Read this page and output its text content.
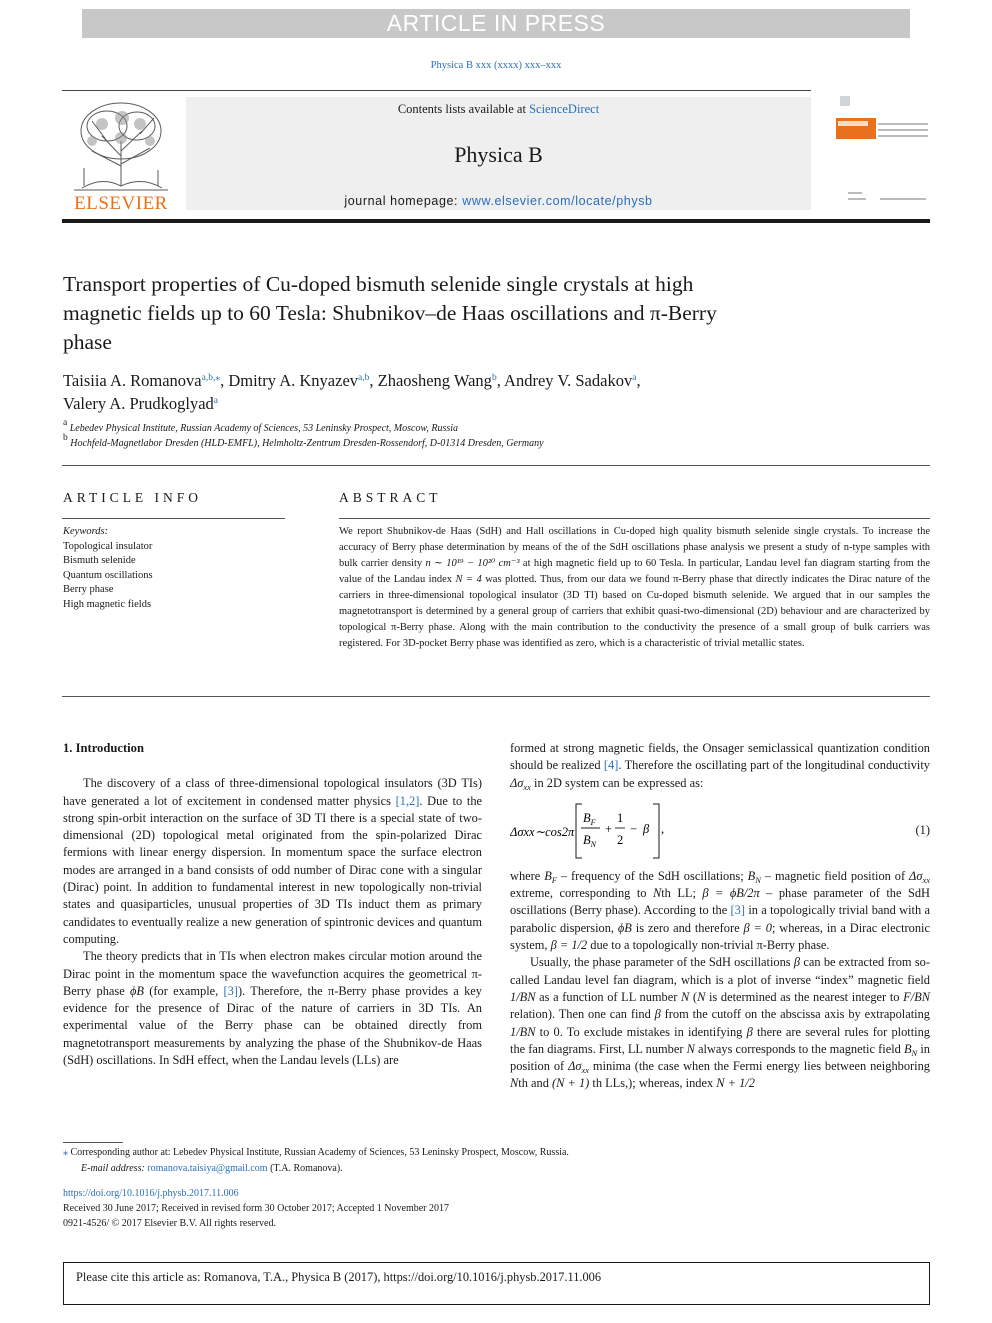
ARTICLE IN PRESS
Physica B xxx (xxxx) xxx–xxx
ELSEVIER
Contents lists available at ScienceDirect
Physica B
journal homepage: www.elsevier.com/locate/physb
Transport properties of Cu-doped bismuth selenide single crystals at high magnetic fields up to 60 Tesla: Shubnikov–de Haas oscillations and π-Berry phase
Taisiia A. Romanova$^{a,b,⁎}$, Dmitry A. Knyazev$^{a,b}$, Zhaosheng Wang$^b$, Andrey V. Sadakov$^a$,
Valery A. Prudkoglyad$^a$
$^a$ Lebedev Physical Institute, Russian Academy of Sciences, 53 Leninsky Prospect, Moscow, Russia
$^b$ Hochfeld-Magnetlabor Dresden (HLD-EMFL), Helmholtz-Zentrum Dresden-Rossendorf, D-01314 Dresden, Germany
ARTICLE INFO	ABSTRACT
Keywords:
Topological insulator
Bismuth selenide
Quantum oscillations
Berry phase
High magnetic fields
We report Shubnikov-de Haas (SdH) and Hall oscillations in Cu-doped high quality bismuth selenide single crystals. To increase the accuracy of Berry phase determination by means of the of the SdH oscillations phase analysis we present a study of n-type samples with bulk carrier density n ∼ 10¹⁹ − 10²⁰ cm⁻³ at high magnetic field up to 60 Tesla. In particular, Landau level fan diagram starting from the value of the Landau index N = 4 was plotted. Thus, from our data we found π-Berry phase that directly indicates the Dirac nature of the carriers in three-dimensional topological insulator (3D TI) based on Cu-doped bismuth selenide. We argued that in our samples the magnetotransport is determined by a general group of carriers that exhibit quasi-two-dimensional (2D) behaviour and are characterized by topological π-Berry phase. Along with the main contribution to the conductivity the presence of a small group of bulk carriers was registered. For 3D-pocket Berry phase was identified as zero, which is a characteristic of trivial metallic states.

1. Introduction

The discovery of a class of three-dimensional topological insulators (3D TIs) have generated a lot of excitement in condensed matter physics [1,2]. Due to the strong spin-orbit interaction on the surface of 3D TI there is a special state of two-dimensional (2D) topological metal originated from the spin-polarized Dirac fermions with linear energy dispersion. In momentum space the surface electron modes are arranged in a band consists of odd number of Dirac cone with a singular (Dirac) point. In addition to fundamental interest in new topologically non-trivial states and quasiparticles, unusual properties of 3D TIs induct them as primary candidates to eventually realize a new generation of spintronic devices and quantum computing.

The theory predicts that in TIs when electron makes circular motion around the Dirac point in the momentum space the wavefunction acquires the geometrical π-Berry phase ϕB (for example, [3]). Therefore, the π-Berry phase provides a key evidence for the presence of Dirac of the nature of carriers in 3D TIs. An experimental value of the Berry phase can be obtained directly from magnetotransport measurements by analyzing the phase of the Shubnikov-de Haas (SdH) oscillations. In SdH effect, when the Landau levels (LLs) are

formed at strong magnetic fields, the Onsager semiclassical quantization condition should be realized [4]. Therefore the oscillating part of the longitudinal conductivity $\Delta\sigma_{xx}$ in 2D system can be expressed as:

Δσxx∼cos2π
$B_F$
$B_N$
+
1
2
− β ,	(1)

where $B_F$ – frequency of the SdH oscillations; $B_N$ – magnetic field position of $\Delta\sigma_{xx}$ extreme, corresponding to Nth LL; β = ϕB/2π – phase parameter of the SdH oscillations (Berry phase). According to the [3] in a topologically trivial band with a parabolic dispersion, ϕB is zero and therefore β = 0; whereas, in a Dirac electronic system, β = 1/2 due to a topologically non-trivial π-Berry phase.

Usually, the phase parameter of the SdH oscillations β can be extracted from so-called Landau level fan diagram, which is a plot of inverse “index” magnetic field 1/BN as a function of LL number N (N is determined as the nearest integer to F/BN relation). Then one can find β from the cutoff on the abscissa axis by extrapolating 1/BN to 0. To exclude mistakes in identifying β there are several rules for plotting the fan diagrams. First, LL number N always corresponds to the magnetic field $B_N$ in position of $\Delta\sigma_{xx}$ minima (the case when the Fermi energy lies between neighboring Nth and (N + 1) th LLs,); whereas, index N + 1/2

⁎ Corresponding author at: Lebedev Physical Institute, Russian Academy of Sciences, 53 Leninsky Prospect, Moscow, Russia.
E-mail address: romanova.taisiya@gmail.com (T.A. Romanova).
https://doi.org/10.1016/j.physb.2017.11.006
Received 30 June 2017; Received in revised form 30 October 2017; Accepted 1 November 2017
0921-4526/ © 2017 Elsevier B.V. All rights reserved.
Please cite this article as: Romanova, T.A., Physica B (2017), https://doi.org/10.1016/j.physb.2017.11.006
